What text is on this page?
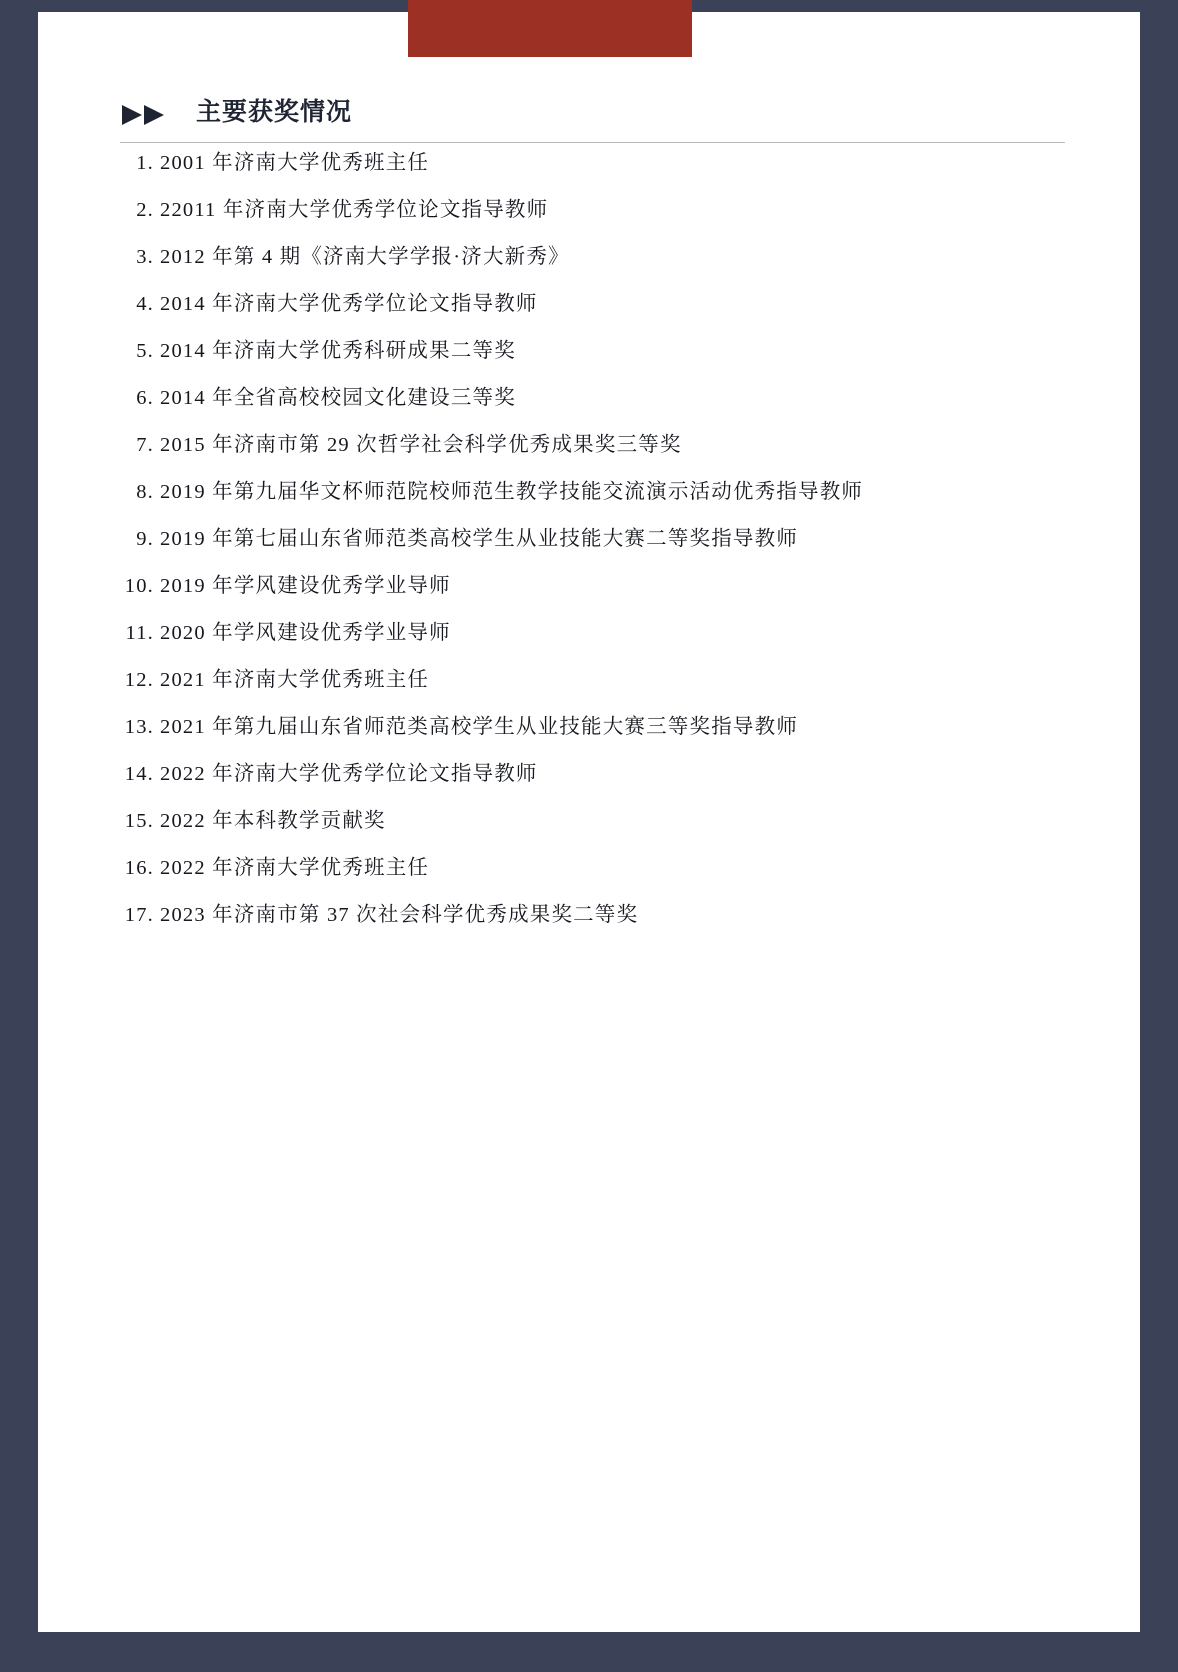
主要获奖情况
1. 2001 年济南大学优秀班主任
2. 22011 年济南大学优秀学位论文指导教师
3. 2012 年第 4 期《济南大学学报·济大新秀》
4. 2014 年济南大学优秀学位论文指导教师
5. 2014 年济南大学优秀科研成果二等奖
6. 2014 年全省高校校园文化建设三等奖
7. 2015 年济南市第 29 次哲学社会科学优秀成果奖三等奖
8. 2019 年第九届华文杯师范院校师范生教学技能交流演示活动优秀指导教师
9. 2019 年第七届山东省师范类高校学生从业技能大赛二等奖指导教师
10. 2019 年学风建设优秀学业导师
11. 2020 年学风建设优秀学业导师
12. 2021 年济南大学优秀班主任
13. 2021 年第九届山东省师范类高校学生从业技能大赛三等奖指导教师
14. 2022 年济南大学优秀学位论文指导教师
15. 2022 年本科教学贡献奖
16. 2022 年济南大学优秀班主任
17. 2023 年济南市第 37 次社会科学优秀成果奖二等奖
